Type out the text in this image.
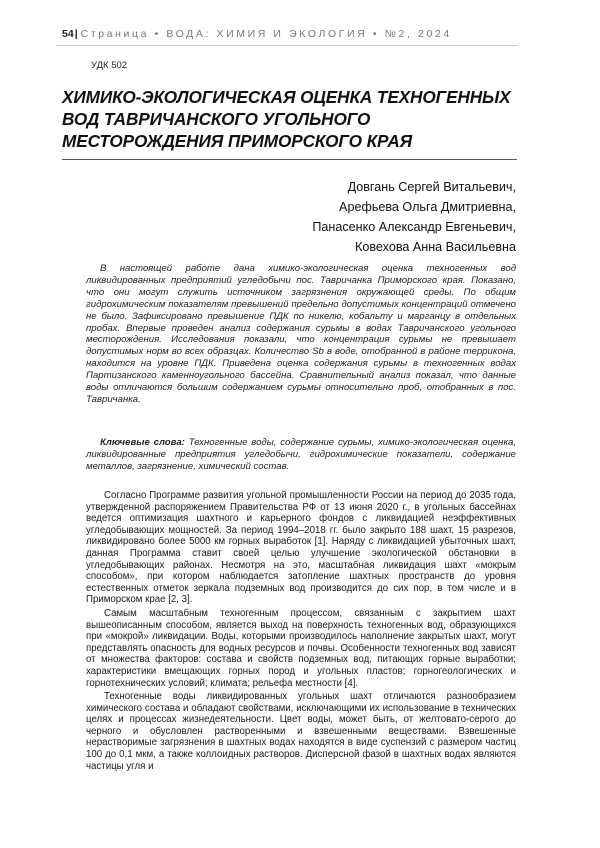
54| Страница • ВОДА: ХИМИЯ И ЭКОЛОГИЯ • №2, 2024
УДК 502
ХИМИКО-ЭКОЛОГИЧЕСКАЯ ОЦЕНКА ТЕХНОГЕННЫХ ВОД ТАВРИЧАНСКОГО УГОЛЬНОГО МЕСТОРОЖДЕНИЯ ПРИМОРСКОГО КРАЯ
Довгань Сергей Витальевич,
Арефьева Ольга Дмитриевна,
Панасенко Александр Евгеньевич,
Ковехова Анна Васильевна

В настоящей работе дана химико-экологическая оценка техногенных вод ликвидированных предприятий угледобычи пос. Тавричанка Приморского края. Показано, что они могут служить источником загрязнения окружающей среды. По общим гидрохимическим показателям превышений предельно допустимых концентраций отмечено не было. Зафиксировано превышение ПДК по никелю, кобальту и марганцу в отдельных пробах. Впервые проведен анализ содержания сурьмы в водах Тавричанского угольного месторождения. Исследования показали, что концентрация сурьмы не превышает допустимых норм во всех образцах. Количество Sb в воде, отобранной в районе терриконa, находится на уровне ПДК. Приведена оценка содержания сурьмы в техногенных водах Партизанского каменноугольного бассейна. Сравнительный анализ показал, что данные воды отличаются большим содержанием сурьмы относительно проб, отобранных в пос. Тавричанка.

Ключевые слова: Техногенные воды, содержание сурьмы, химико-экологическая оценка, ликвидированные предприятия угледобычи, гидрохимические показатели, содержание металлов, загрязнение, химический состав.

Согласно Программе развития угольной промышленности России на период до 2035 года, утвержденной распоряжением Правительства РФ от 13 июня 2020 г., в угольных бассейнах ведется оптимизация шахтного и карьерного фондов с ликвидацией неэффективных угледобывающих мощностей. За период 1994–2018 гг. было закрыто 188 шахт, 15 разрезов, ликвидировано более 5000 км горных выработок [1]. Наряду с ликвидацией убыточных шахт, данная Программа ставит своей целью улучшение экологической обстановки в угледобывающих районах. Несмотря на это, масштабная ликвидация шахт «мокрым способом», при котором наблюдается затопление шахтных пространств до уровня естественных отметок зеркала подземных вод производится до сих пор, в том числе и в Приморском крае [2, 3].

Самым масштабным техногенным процессом, связанным с закрытием шахт вышеописанным способом, является выход на поверхность техногенных вод, образующихся при «мокрой» ликвидации. Воды, которыми производилось наполнение закрытых шахт, могут представлять опасность для водных ресурсов и почвы. Особенности техногенных вод зависят от множества факторов: состава и свойств подземных вод, питающих горные выработки; характеристики вмещающих горных пород и угольных пластов; горногеологических и горнотехнических условий; климата; рельефа местности [4].

Техногенные воды ликвидированных угольных шахт отличаются разнообразием химического состава и обладают свойствами, исключающими их использование в технических целях и процессах жизнедеятельности. Цвет воды, может быть, от желтовато-серого до черного и обусловлен растворенными и взвешенными веществами. Взвешенные нерастворимые загрязнения в шахтных водах находятся в виде суспензий с размером частиц 100 до 0,1 мкм, а также коллоидных растворов. Дисперсной фазой в шахтных водах являются частицы угля и
